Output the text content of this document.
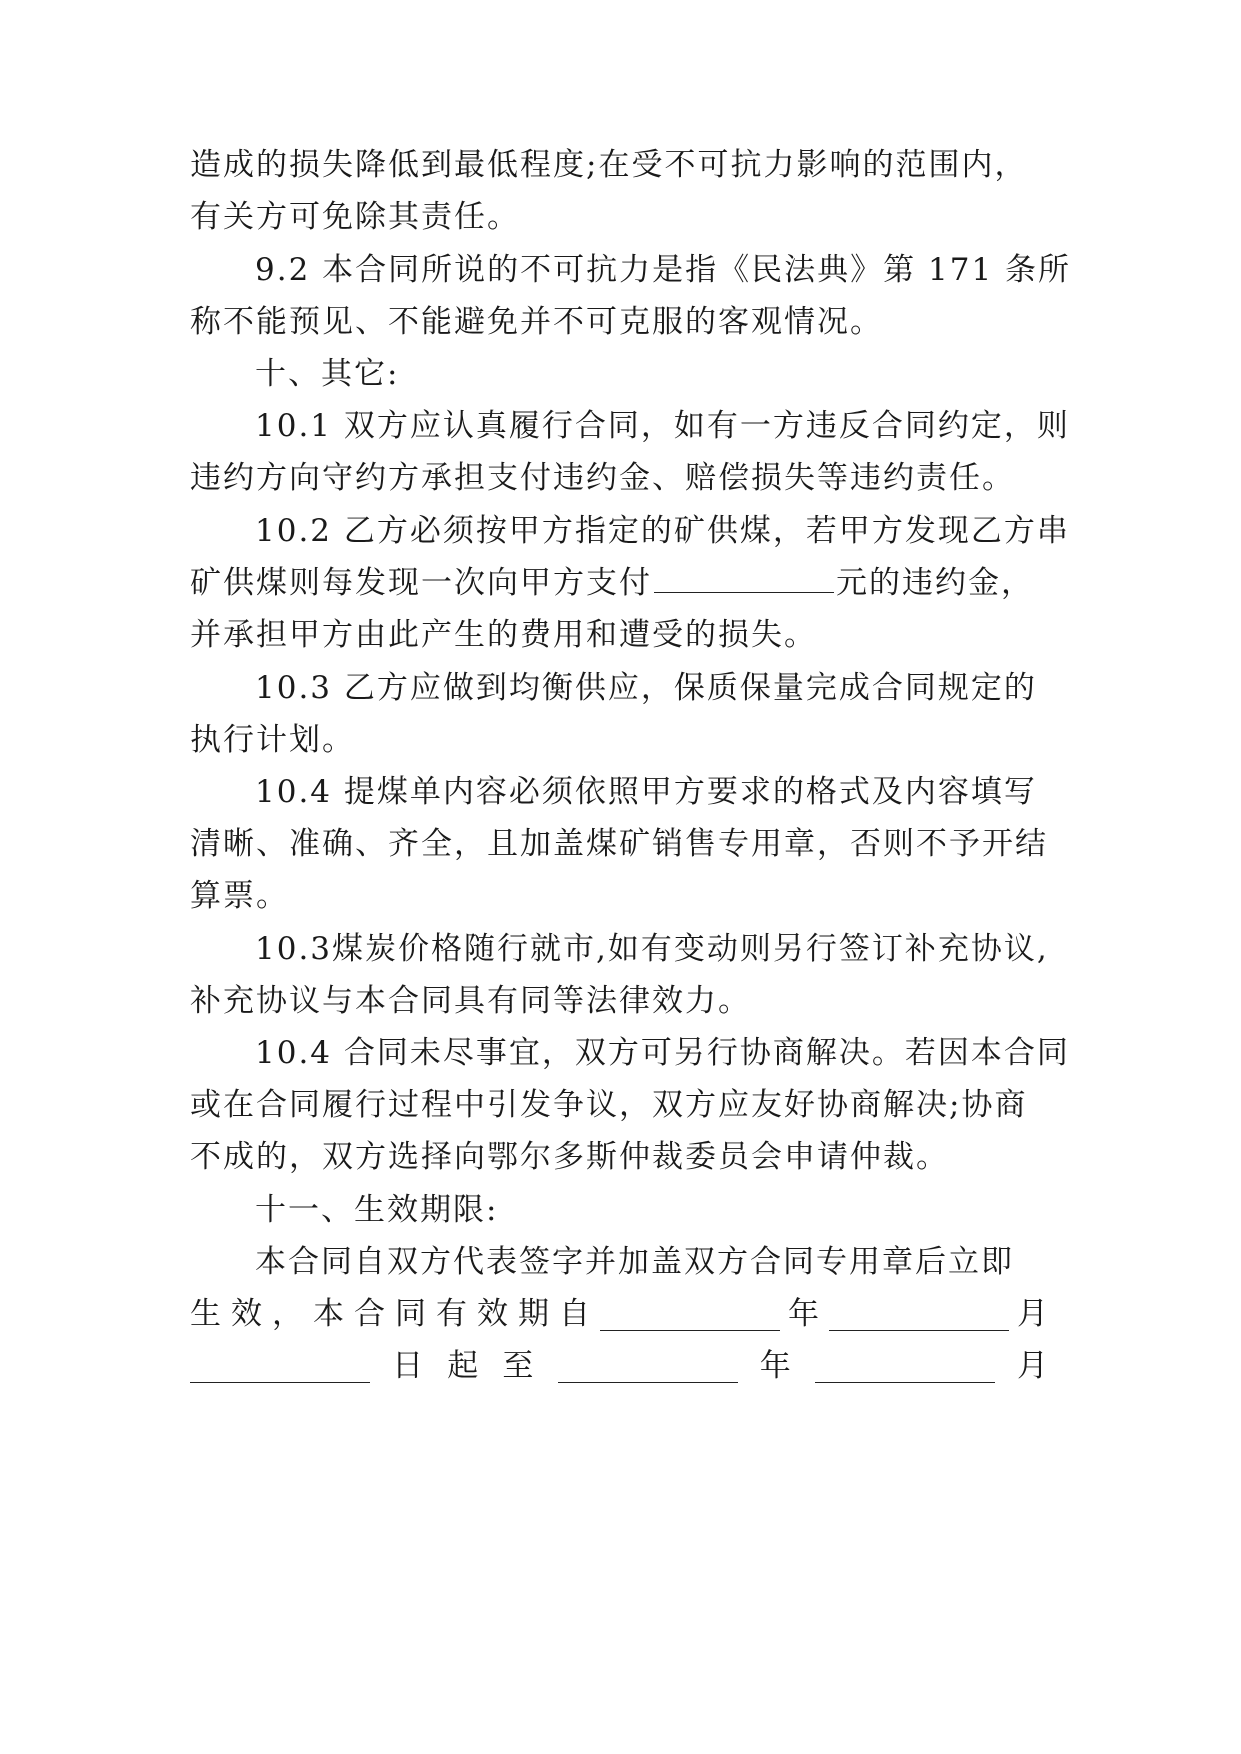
造成的损失降低到最低程度;在受不可抗力影响的范围内，
有关方可免除其责任。
9.2 本合同所说的不可抗力是指《民法典》第 171 条所
称不能预见、不能避免并不可克服的客观情况。
十、其它:
10.1 双方应认真履行合同，如有一方违反合同约定，则
违约方向守约方承担支付违约金、赔偿损失等违约责任。
10.2 乙方必须按甲方指定的矿供煤，若甲方发现乙方串
矿供煤则每发现一次向甲方支付	元的违约金，
并承担甲方由此产生的费用和遭受的损失。
10.3 乙方应做到均衡供应，保质保量完成合同规定的
执行计划。
10.4 提煤单内容必须依照甲方要求的格式及内容填写
清晰、准确、齐全，且加盖煤矿销售专用章，否则不予开结
算票。
10.3煤炭价格随行就市,如有变动则另行签订补充协议,
补充协议与本合同具有同等法律效力。
10.4 合同未尽事宜，双方可另行协商解决。若因本合同
或在合同履行过程中引发争议，双方应友好协商解决;协商
不成的，双方选择向鄂尔多斯仲裁委员会申请仲裁。
十一、生效期限:
本合同自双方代表签字并加盖双方合同专用章后立即
生 效 ， 本 合 同 有 效 期 自	年	月
日 起 至	年	月
